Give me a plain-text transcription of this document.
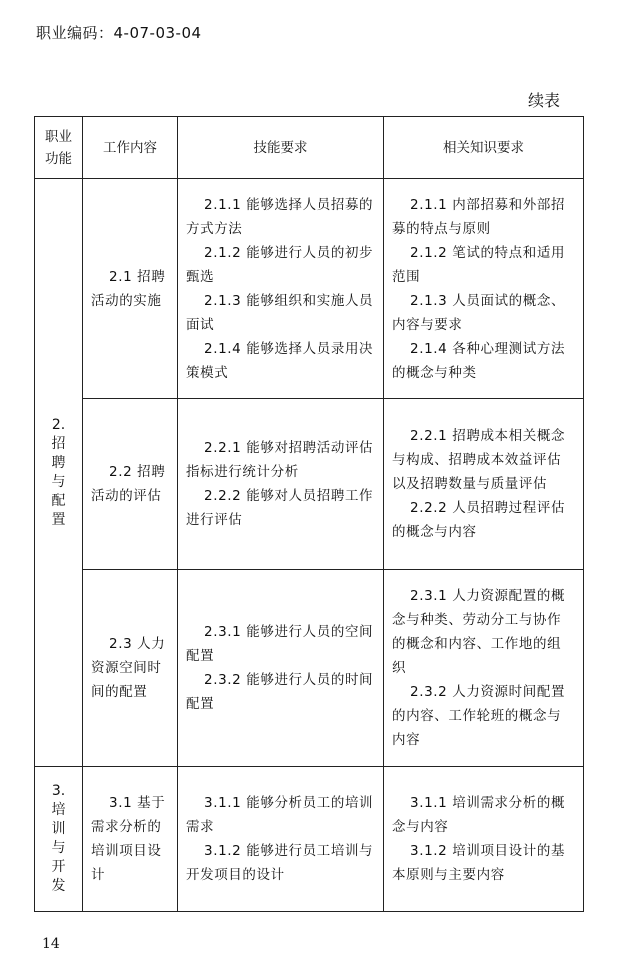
职业编码：4-07-03-04
续表
职业
功能
工作内容	技能要求	相关知识要求
2.
招
聘
与
配
置
3.
培
训
与
开
发
2.1 招聘活动的实施
2.1.1 能够选择人员招募的方式方法
2.1.2 能够进行人员的初步甄选
2.1.3 能够组织和实施人员面试
2.1.4 能够选择人员录用决策模式
2.1.1 内部招募和外部招募的特点与原则
2.1.2 笔试的特点和适用范围
2.1.3 人员面试的概念、内容与要求
2.1.4 各种心理测试方法的概念与种类
2.2 招聘活动的评估
2.2.1 能够对招聘活动评估指标进行统计分析
2.2.2 能够对人员招聘工作进行评估
2.2.1 招聘成本相关概念与构成、招聘成本效益评估以及招聘数量与质量评估
2.2.2 人员招聘过程评估的概念与内容
2.3 人力资源空间时间的配置
2.3.1 能够进行人员的空间配置
2.3.2 能够进行人员的时间配置
2.3.1 人力资源配置的概念与种类、劳动分工与协作的概念和内容、工作地的组织
2.3.2 人力资源时间配置的内容、工作轮班的概念与内容
3.1 基于需求分析的培训项目设计
3.1.1 能够分析员工的培训需求
3.1.2 能够进行员工培训与开发项目的设计
3.1.1 培训需求分析的概念与内容
3.1.2 培训项目设计的基本原则与主要内容
14
